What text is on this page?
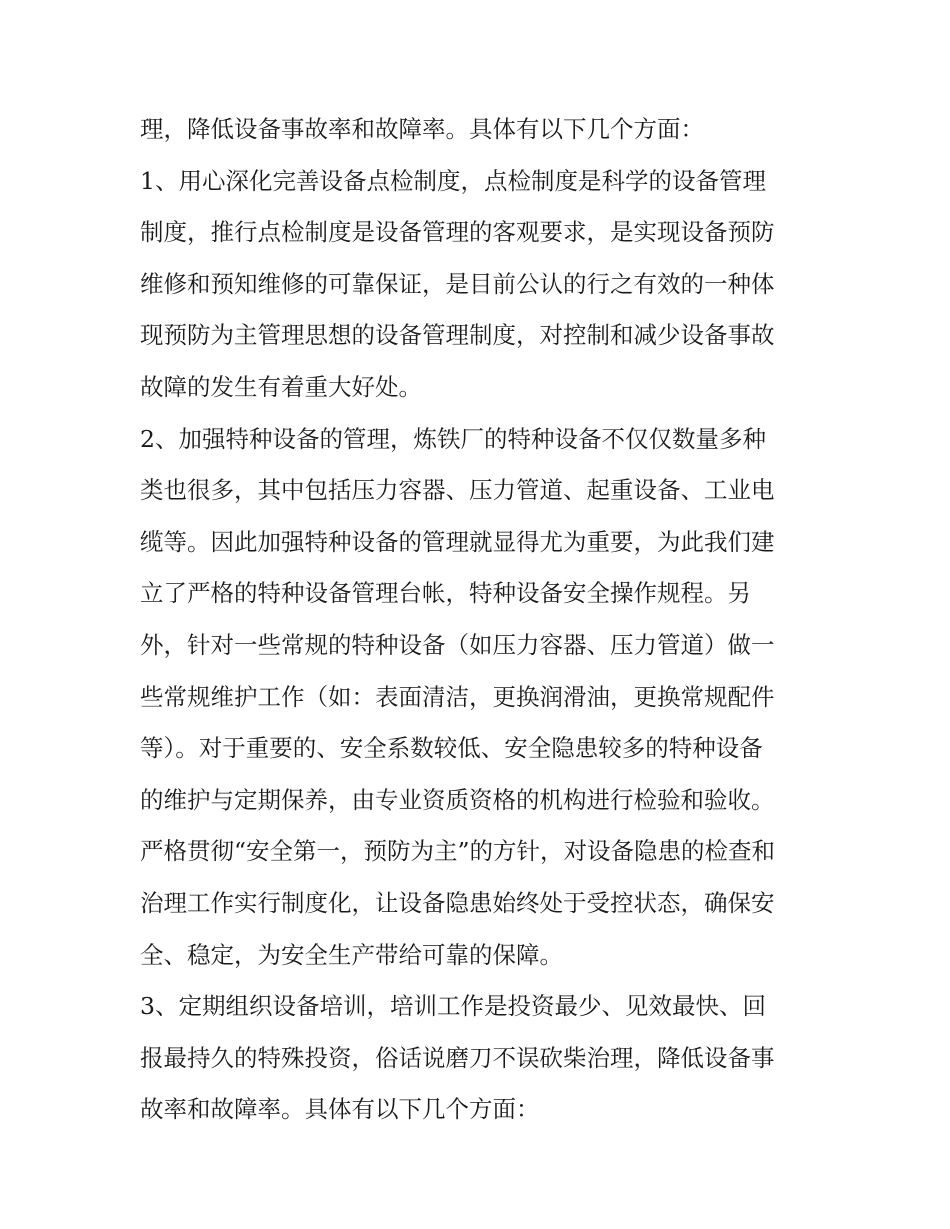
理，降低设备事故率和故障率。具体有以下几个方面：
1、用心深化完善设备点检制度，点检制度是科学的设备管理
制度，推行点检制度是设备管理的客观要求，是实现设备预防
维修和预知维修的可靠保证，是目前公认的行之有效的一种体
现预防为主管理思想的设备管理制度，对控制和减少设备事故
故障的发生有着重大好处。
2、加强特种设备的管理，炼铁厂的特种设备不仅仅数量多种
类也很多，其中包括压力容器、压力管道、起重设备、工业电
缆等。因此加强特种设备的管理就显得尤为重要，为此我们建
立了严格的特种设备管理台帐，特种设备安全操作规程。另
外，针对一些常规的特种设备（如压力容器、压力管道）做一
些常规维护工作（如：表面清洁，更换润滑油，更换常规配件
等）。对于重要的、安全系数较低、安全隐患较多的特种设备
的维护与定期保养，由专业资质资格的机构进行检验和验收。
严格贯彻“安全第一，预防为主”的方针，对设备隐患的检查和
治理工作实行制度化，让设备隐患始终处于受控状态，确保安
全、稳定，为安全生产带给可靠的保障。
3、定期组织设备培训，培训工作是投资最少、见效最快、回
报最持久的特殊投资，俗话说磨刀不误砍柴治理，降低设备事
故率和故障率。具体有以下几个方面：
